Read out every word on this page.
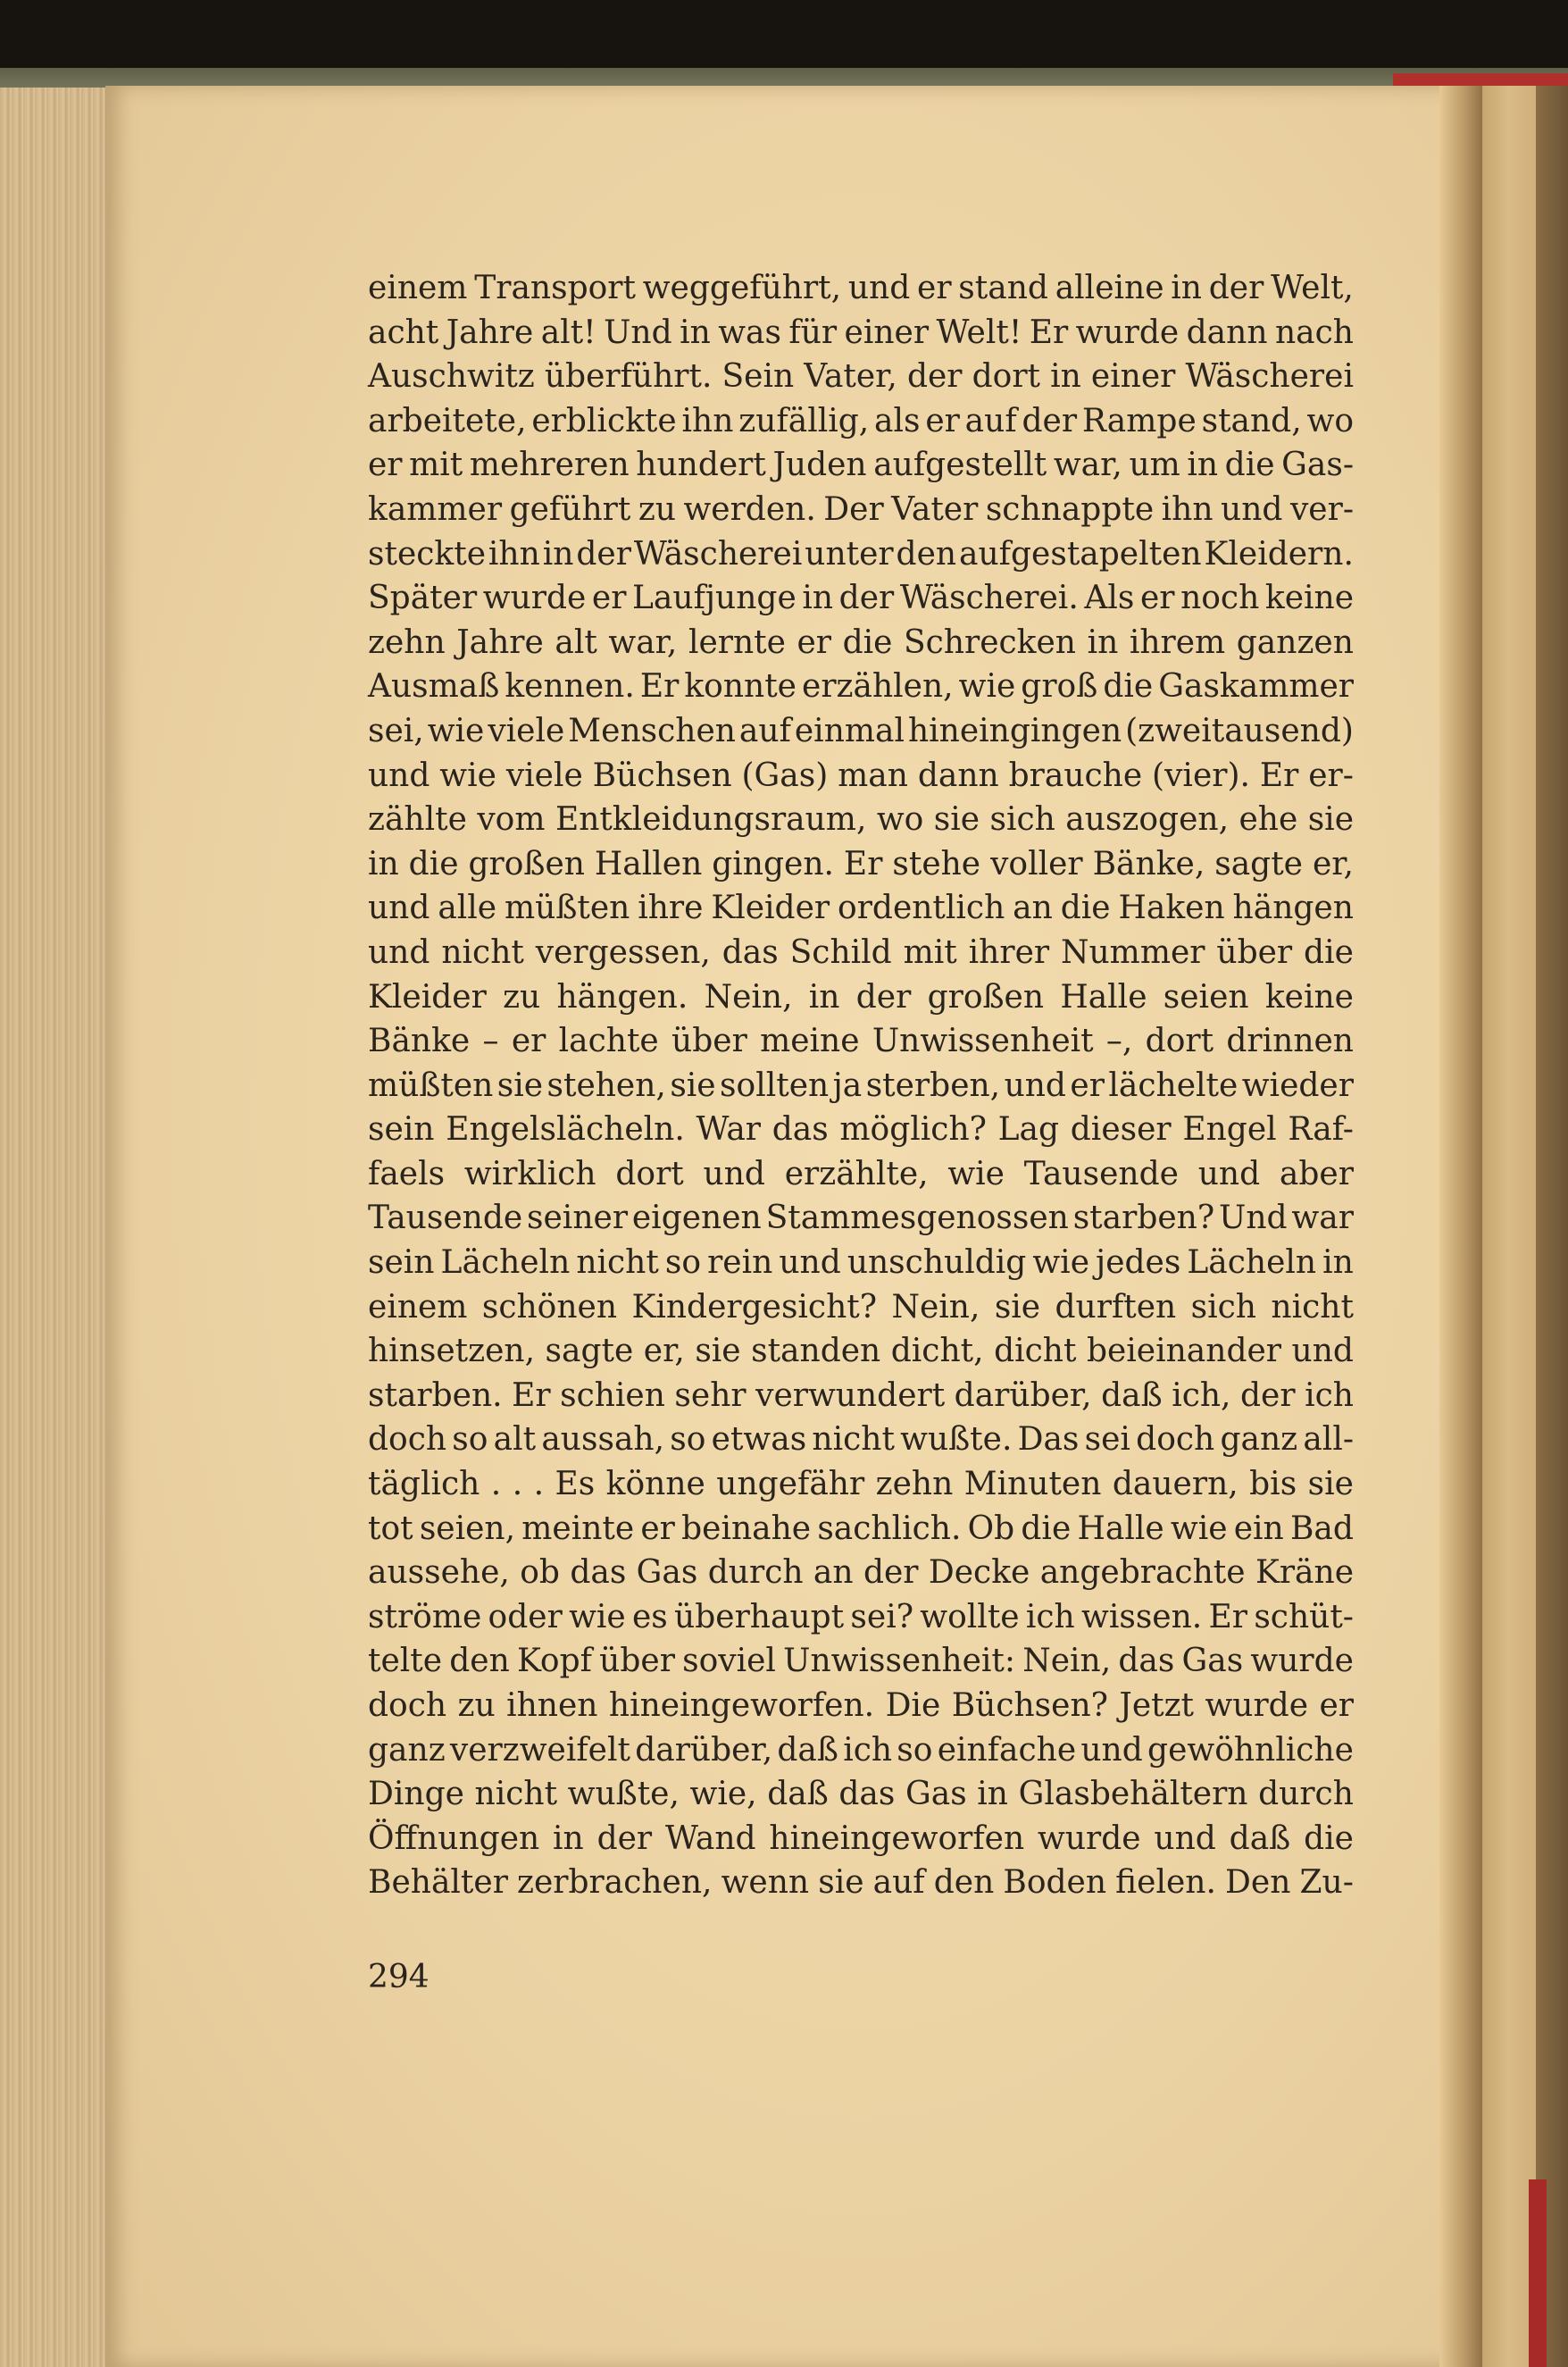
einem Transport weggeführt, und er stand alleine in der Welt,
acht Jahre alt! Und in was für einer Welt! Er wurde dann nach
Auschwitz überführt. Sein Vater, der dort in einer Wäscherei
arbeitete, erblickte ihn zufällig, als er auf der Rampe stand, wo
er mit mehreren hundert Juden aufgestellt war, um in die Gas-
kammer geführt zu werden. Der Vater schnappte ihn und ver-
steckte ihn in der Wäscherei unter den aufgestapelten Kleidern.
Später wurde er Laufjunge in der Wäscherei. Als er noch keine
zehn Jahre alt war, lernte er die Schrecken in ihrem ganzen
Ausmaß kennen. Er konnte erzählen, wie groß die Gaskammer
sei, wie viele Menschen auf einmal hineingingen (zweitausend)
und wie viele Büchsen (Gas) man dann brauche (vier). Er er-
zählte vom Entkleidungsraum, wo sie sich auszogen, ehe sie
in die großen Hallen gingen. Er stehe voller Bänke, sagte er,
und alle müßten ihre Kleider ordentlich an die Haken hängen
und nicht vergessen, das Schild mit ihrer Nummer über die
Kleider zu hängen. Nein, in der großen Halle seien keine
Bänke – er lachte über meine Unwissenheit –, dort drinnen
müßten sie stehen, sie sollten ja sterben, und er lächelte wieder
sein Engelslächeln. War das möglich? Lag dieser Engel Raf-
faels wirklich dort und erzählte, wie Tausende und aber
Tausende seiner eigenen Stammesgenossen starben? Und war
sein Lächeln nicht so rein und unschuldig wie jedes Lächeln in
einem schönen Kindergesicht? Nein, sie durften sich nicht
hinsetzen, sagte er, sie standen dicht, dicht beieinander und
starben. Er schien sehr verwundert darüber, daß ich, der ich
doch so alt aussah, so etwas nicht wußte. Das sei doch ganz all-
täglich . . . Es könne ungefähr zehn Minuten dauern, bis sie
tot seien, meinte er beinahe sachlich. Ob die Halle wie ein Bad
aussehe, ob das Gas durch an der Decke angebrachte Kräne
ströme oder wie es überhaupt sei? wollte ich wissen. Er schüt-
telte den Kopf über soviel Unwissenheit: Nein, das Gas wurde
doch zu ihnen hineingeworfen. Die Büchsen? Jetzt wurde er
ganz verzweifelt darüber, daß ich so einfache und gewöhnliche
Dinge nicht wußte, wie, daß das Gas in Glasbehältern durch
Öffnungen in der Wand hineingeworfen wurde und daß die
Behälter zerbrachen, wenn sie auf den Boden fielen. Den Zu-
294
